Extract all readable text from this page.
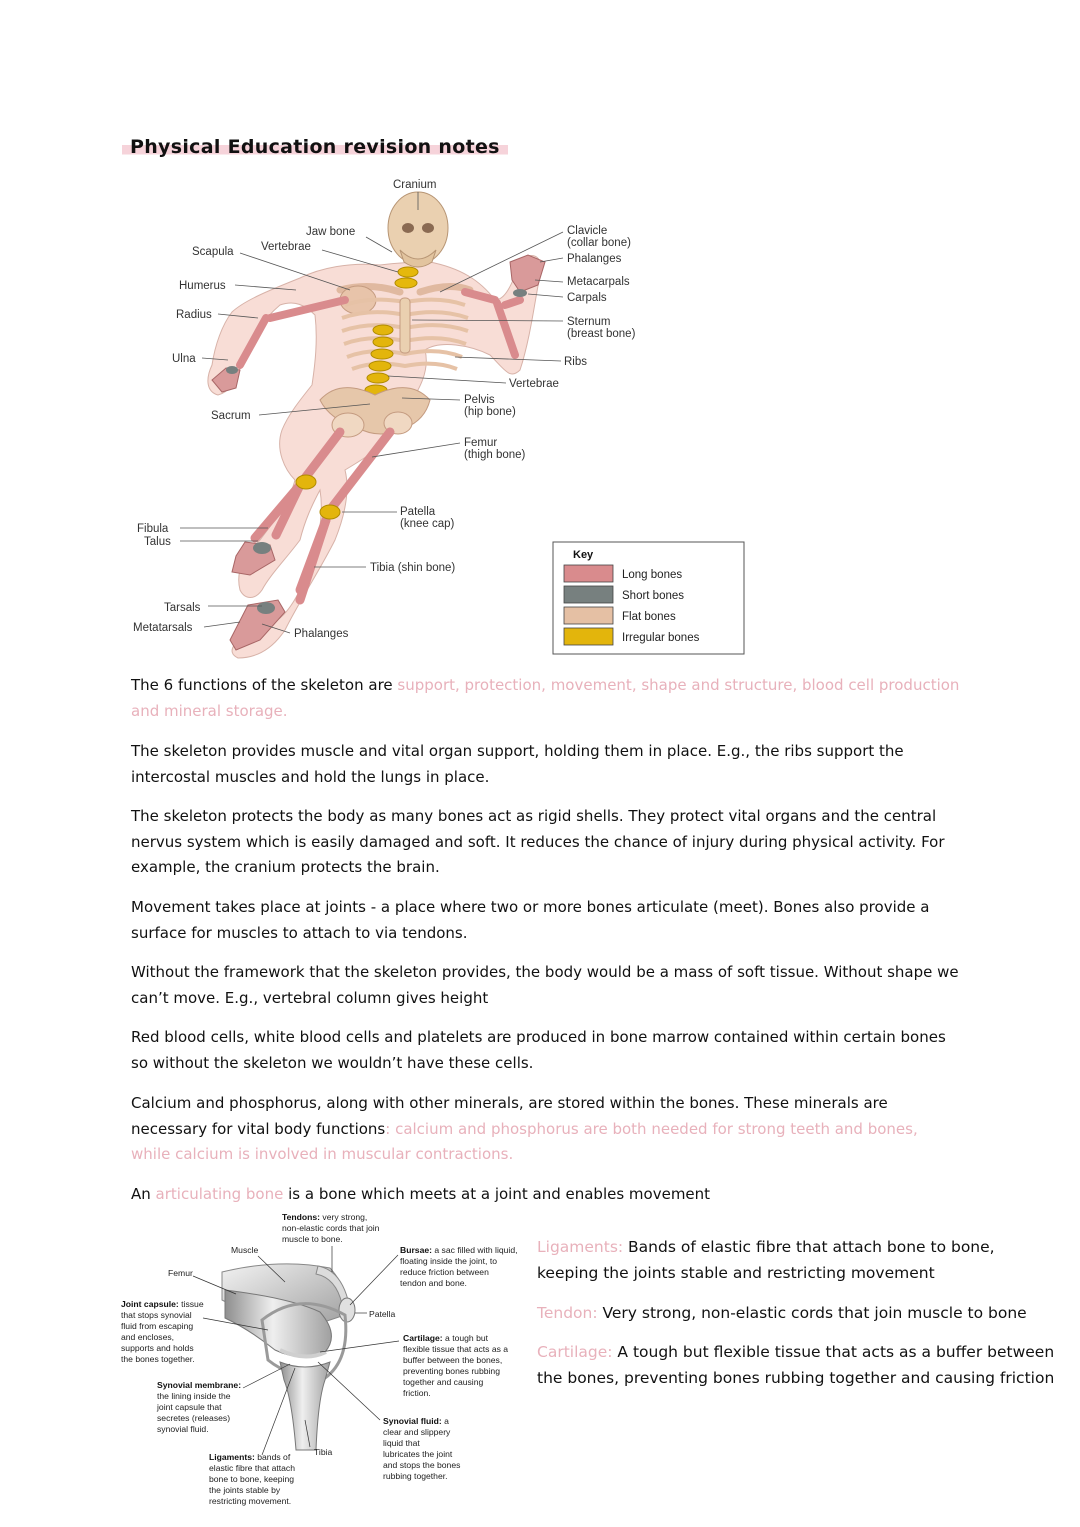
Physical Education revision notes
Cranium
Jaw bone
Vertebrae
Scapula
Humerus
Radius
Ulna
Sacrum
Fibula
Talus
Tarsals
Metatarsals	Phalanges
Clavicle
(collar bone)
Phalanges
Metacarpals
Carpals
Sternum
(breast bone)
Ribs
Vertebrae
Pelvis
(hip bone)
Femur
(thigh bone)
Patella
(knee cap)
Tibia (shin bone)
Key
Long bones
Short bones
Flat bones
Irregular bones
Tendons: very strong,
non-elastic cords that join
muscle to bone.
Muscle
Femur
Bursae: a sac filled with liquid,
floating inside the joint, to
reduce friction between
tendon and bone.
Patella
Joint capsule: tissue
that stops synovial
fluid from escaping
and encloses,
supports and holds
the bones together.
Cartilage: a tough but
flexible tissue that acts as a
buffer between the bones,
preventing bones rubbing
together and causing
friction.
Synovial membrane:
the lining inside the
joint capsule that
secretes (releases)
synovial fluid.
Synovial fluid: a
clear and slippery
liquid that
lubricates the joint
and stops the bones
rubbing together.
Tibia
Ligaments: bands of
elastic fibre that attach
bone to bone, keeping
the joints stable by
restricting movement.
The 6 functions of the skeleton are support, protection, movement, shape and structure, blood cell production and mineral storage.
The skeleton provides muscle and vital organ support, holding them in place. E.g., the ribs support the intercostal muscles and hold the lungs in place.
The skeleton protects the body as many bones act as rigid shells. They protect vital organs and the central nervus system which is easily damaged and soft. It reduces the chance of injury during physical activity. For example, the cranium protects the brain.
Movement takes place at joints - a place where two or more bones articulate (meet). Bones also provide a surface for muscles to attach to via tendons.
Without the framework that the skeleton provides, the body would be a mass of soft tissue. Without shape we can’t move. E.g., vertebral column gives height
Red blood cells, white blood cells and platelets are produced in bone marrow contained within certain bones so without the skeleton we wouldn’t have these cells.
Calcium and phosphorus, along with other minerals, are stored within the bones. These minerals are necessary for vital body functions: calcium and phosphorus are both needed for strong teeth and bones, while calcium is involved in muscular contractions.
An articulating bone is a bone which meets at a joint and enables movement
Ligaments: Bands of elastic fibre that attach bone to bone, keeping the joints stable and restricting movement
Tendon: Very strong, non-elastic cords that join muscle to bone
Cartilage: A tough but flexible tissue that acts as a buffer between the bones, preventing bones rubbing together and causing friction
